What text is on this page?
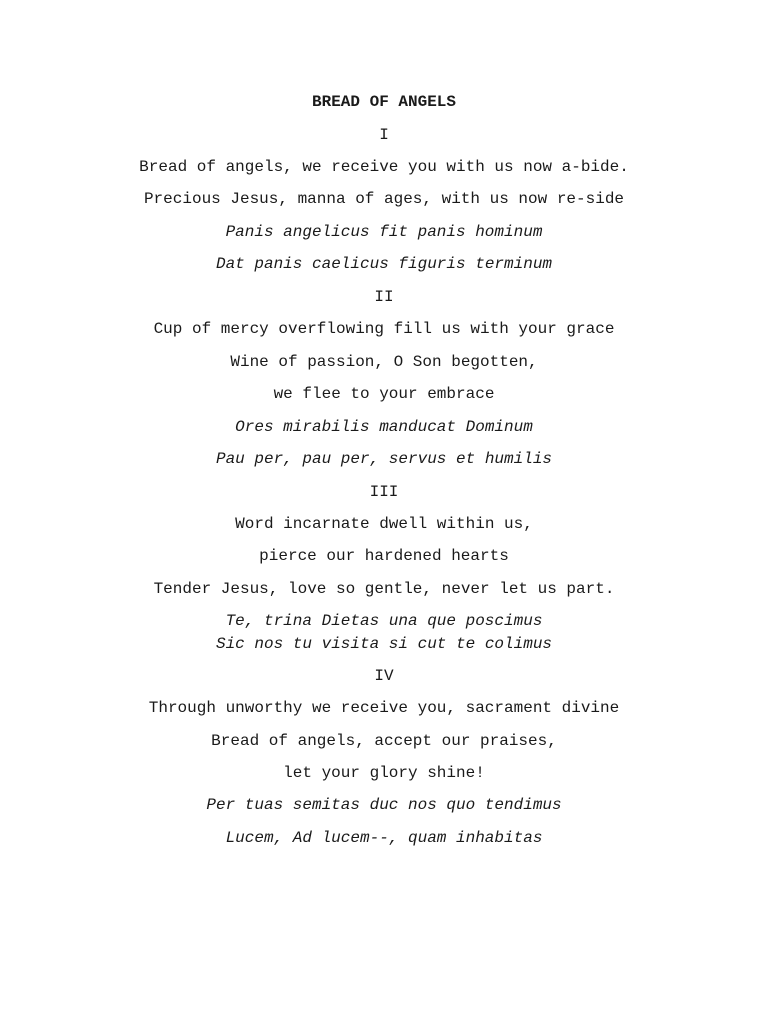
BREAD OF ANGELS
I
Bread of angels, we receive you with us now a-bide.
Precious Jesus, manna of ages, with us now re-side
Panis angelicus fit panis hominum
Dat panis caelicus figuris terminum
II
Cup of mercy overflowing fill us with your grace
Wine of passion, O Son begotten,
we flee to your embrace
Ores mirabilis manducat Dominum
Pau per, pau per, servus et humilis
III
Word incarnate dwell within us,
pierce our hardened hearts
Tender Jesus, love so gentle, never let us part.
Te, trina Dietas una que poscimus
Sic nos tu visita si cut te colimus
IV
Through unworthy we receive you, sacrament divine
Bread of angels, accept our praises,
let your glory shine!
Per tuas semitas duc nos quo tendimus
Lucem, Ad lucem--, quam inhabitas
